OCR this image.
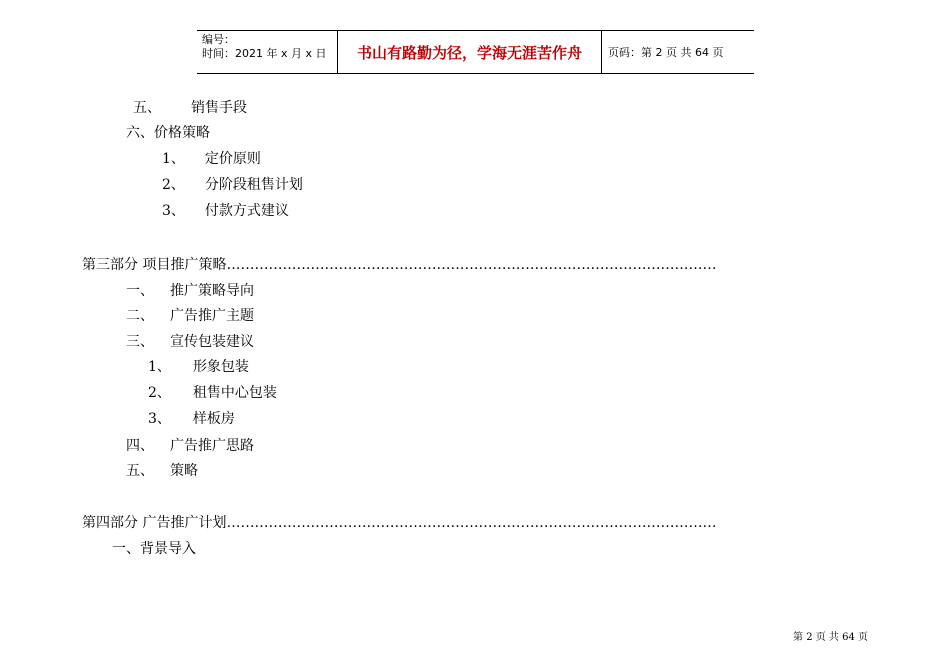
编号：
时间：2021 年 x 月 x 日	书山有路勤为径，学海无涯苦作舟	页码：第 2 页 共 64 页
五、 销售手段
六、价格策略
1、 定价原则
2、 分阶段租售计划
3、 付款方式建议
第三部分 项目推广策略……………………………………………………………………………………………
一、 推广策略导向
二、 广告推广主题
三、 宣传包装建议
1、 形象包装
2、 租售中心包装
3、 样板房
四、 广告推广思路
五、 策略
第四部分 广告推广计划……………………………………………………………………………………………
一、背景导入
第 2 页 共 64 页
